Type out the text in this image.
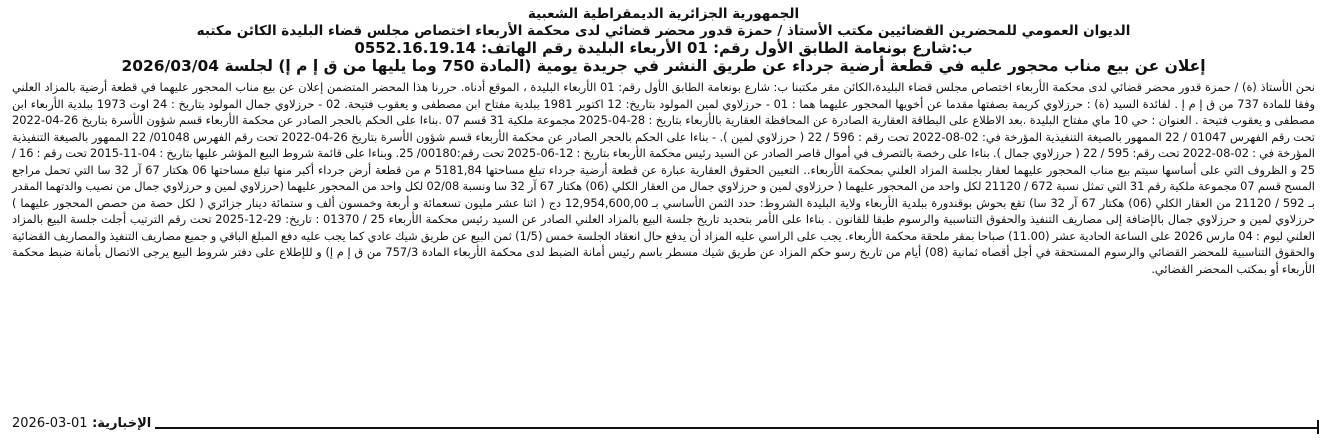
الجمهورية الجزائرية الديمقراطية الشعبية
الديوان العمومي للمحضرين القضائيين مكتب الأستاذ / حمزة قدور محضر قضائي لدى محكمة الأربعاء اختصاص مجلس قضاء البليدة الكائن مكتبه
ب:شارع بونعامة الطابق الأول رقم: 01 الأربعاء البليدة رقم الهاتف: 0552.16.19.14
إعلان عن بيع مناب محجور عليه في قطعة أرضية جرداء عن طريق النشر في جريدة يومية (المادة 750 وما يليها من ق إ م إ) لجلسة 2026/03/04
نحن الأستاذ (ة) / حمزة قدور محضر قضائي لدى محكمة الأربعاء اختصاص مجلس قضاء البليدة،الكائن مقر مكتبنا ب: شارع بونعامة الطابق الأول رقم: 01 الأربعاء البليدة ، الموقع أدناه. حررنا هذا المحضر المتضمن إعلان عن بيع مناب المحجور عليهما في قطعة أرضية بالمزاد العلني وفقا للمادة 737 من ق إ م إ . لفائدة السيد (ة) : حرزلاوي كريمة بصفتها مقدما عن أخويها المحجور عليهما هما : 01 - حرزلاوي لمين المولود بتاريخ: 12 اكتوبر 1981 ببلدية مفتاح ابن مصطفى و يعقوب فتيحة. 02 - حرزلاوي جمال المولود بتاريخ : 24 اوت 1973 ببلدية الأربعاء ابن مصطفى و يعقوب فتيحة . العنوان : حي 10 ماي مفتاح البليدة .بعد الاطلاع على البطاقة العقارية الصادرة عن المحافظة العقارية بالأربعاء بتاريخ : 28-04-2025 مجموعة ملكية 31 قسم 07 .بناءا على الحكم بالحجر الصادر عن محكمة الأربعاء قسم شؤون الأسرة بتاريخ 26-04-2022 تحت رقم الفهرس 01047 / 22 الممهور بالصيغة التنفيذية المؤرخة في: 02-08-2022 تحت رقم : 596 / 22 ( حرزلاوي لمين ). - بناءا على الحكم بالحجر الصادر عن محكمة الأربعاء قسم شؤون الأسرة بتاريخ 26-04-2022 تحت رقم الفهرس 01048/ 22 الممهور بالصيغة التنفيذية المؤرخة في : 02-08-2022 تحت رقم: 595 / 22 ( حرزلاوي جمال ). بناءا على رخصة بالتصرف في أموال قاصر الصادر عن السيد رئيس محكمة الأربعاء بتاريخ : 12-06-2025 تحت رقم:00180/ 25. وبناءا على قائمة شروط البيع المؤشر عليها بتاريخ : 04-11-2015 تحت رقم : 16 / 25 و الظروف التي على أساسها سيتم بيع مناب المحجور عليهما لعقار بجلسة المزاد العلني بمحكمة الأربعاء.. التعيين الحقوق العقارية عبارة عن قطعة أرضية جرداء تبلغ مساحتها 5181,84 م من قطعة أرض جرداء أكبر منها تبلغ مساحتها 06 هكتار 67 آر 32 سا التي تحمل مراجع المسح قسم 07 مجموعة ملكية رقم 31 التي تمثل نسبة 672 / 21120 لكل واحد من المحجور عليهما ( حرزلاوي لمين و حرزلاوي جمال من العقار الكلي (06) هكتار 67 آر 32 سا ونسبة 02/08 لكل واحد من المحجور عليهما (حرزلاوي لمين و حرزلاوي جمال من نصيب والدتهما المقدر بـ 592 / 21120 من العقار الكلي (06) هكتار 67 آر 32 سا) تقع بحوش بوقندورة ببلدية الأربعاء ولاية البليدة الشروط: حدد الثمن الأساسي بـ 12,954,600,00 دج ( اثنا عشر مليون تسعمائة و أربعة وخمسون ألف و ستمائة دينار جزائري ( لكل حصة من حصص المحجور عليهما ) حرزلاوي لمين و حرزلاوي جمال بالإضافة إلى مصاريف التنفيذ والحقوق التناسبية والرسوم طبقا للقانون . بناءا على الأمر بتحديد تاريخ جلسة البيع بالمزاد العلني الصادر عن السيد رئيس محكمة الأربعاء 25 / 01370 : تاريخ: 29-12-2025 تحت رقم الترتيب أجلت جلسة البيع بالمزاد العلني ليوم : 04 مارس 2026 على الساعة الحادية عشر (11.00) صباحا بمقر ملحقة محكمة الأربعاء. يجب على الراسي عليه المزاد أن يدفع حال انعقاد الجلسة خمس (1/5) ثمن البيع عن طريق شيك عادي كما يجب عليه دفع المبلغ الباقي و جميع مصاريف التنفيذ والمصاريف القضائية والحقوق التناسبية للمحضر القضائي والرسوم المستحقة في أجل أقصاه ثمانية (08) أيام من تاريخ رسو حكم المزاد عن طريق شيك مسطر باسم رئيس أمانة الضبط لدى محكمة الأربعاء المادة 757/3 من ق إ م إ) و للإطلاع على دفتر شروط البيع يرجى الاتصال بأمانة ضبط محكمة الأربعاء أو بمكتب المحضر القضائي.
الإخبارية: 2026-03-01
